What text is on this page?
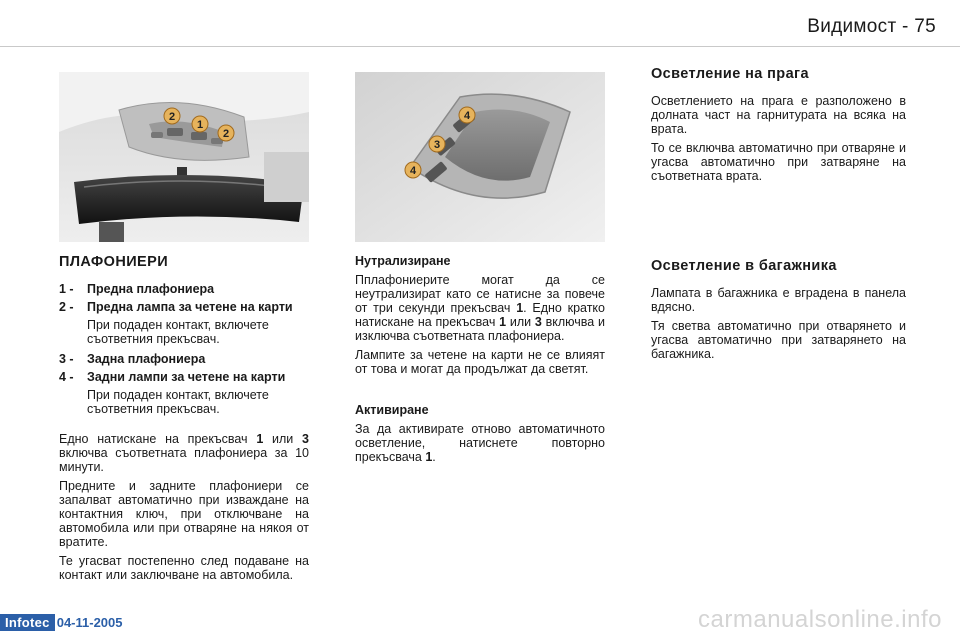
Видимост - 75
2
1
2
4
3
4
ПЛАФОНИЕРИ
1 -	Предна плафониера
2 -	Предна лампа за четене на карти
При подаден контакт, включете съответния прекъсвач.
3 -	Задна плафониера
4 -	Задни лампи за четене на карти
При подаден контакт, включете съответния прекъсвач.

Едно натискане на прекъсвач 1 или 3 включва съответната плафониера за 10 минути.

Предните и задните плафониери се запалват автоматично при изваждане на контактния ключ, при отключване на автомобила или при отваряне на някоя от вратите.

Те угасват постепенно след подаване на контакт или заключване на автомобила.

Нутрализиране

Пплафониерите могат да се неутрализират като се натисне за повече от три секунди прекъсвач 1. Едно кратко натискане на прекъсвач 1 или 3 включва и изключва съответната плафониера.

Лампите за четене на карти не се влияят от това и могат да продължат да светят.

Активиране

За да активирате отново автоматичното осветление, натиснете повторно прекъсвача 1.

Осветление на прага

Осветлението на прага е разположено в долната част на гарнитурата на всяка на врата.

То се включва автоматично при отваряне и угасва автоматично при затваряне на съответната врата.

Осветление в багажника

Лампата в багажника е вградена в панела вдясно.

Тя светва автоматично при отварянето и угасва автоматично при затварянето на багажника.

Infotec 04-11-2005	carmanualsonline.info
